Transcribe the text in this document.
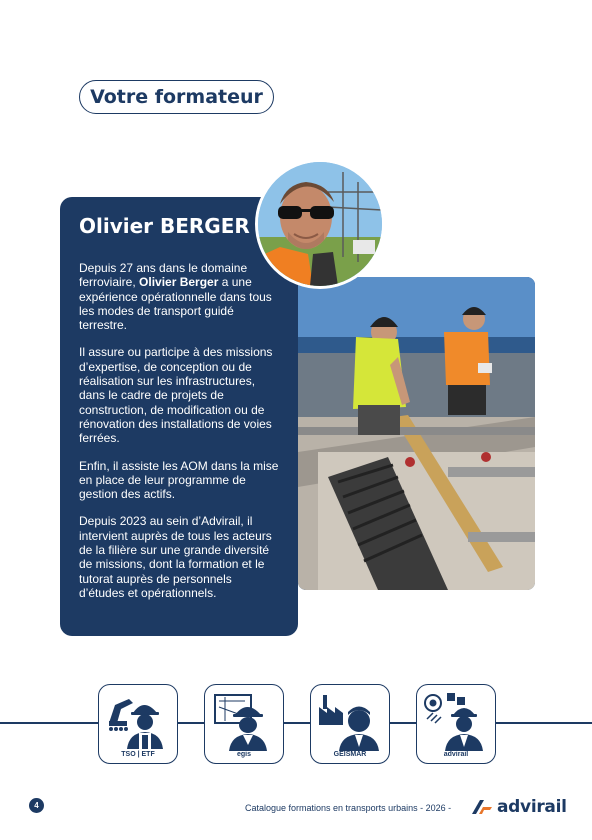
Votre formateur
Olivier BERGER

Depuis 27 ans dans le domaine ferroviaire, Olivier Berger a une expérience opérationnelle dans tous les modes de transport guidé terrestre.

Il assure ou participe à des missions d’expertise, de conception ou de réalisation sur les infrastructures, dans le cadre de projets de construction, de modification ou de rénovation des installations de voies ferrées.

Enfin, il assiste les AOM dans la mise en place de leur programme de gestion des actifs.

Depuis 2023 au sein d’Advirail, il intervient auprès de tous les acteurs de la filière sur une grande diversité de missions, dont la formation et le tutorat auprès de personnels d’études et opérationnels.

TSO | ETF	egis	GEISMAR	advirail
4	Catalogue formations en transports urbains - 2026 -	advirail
